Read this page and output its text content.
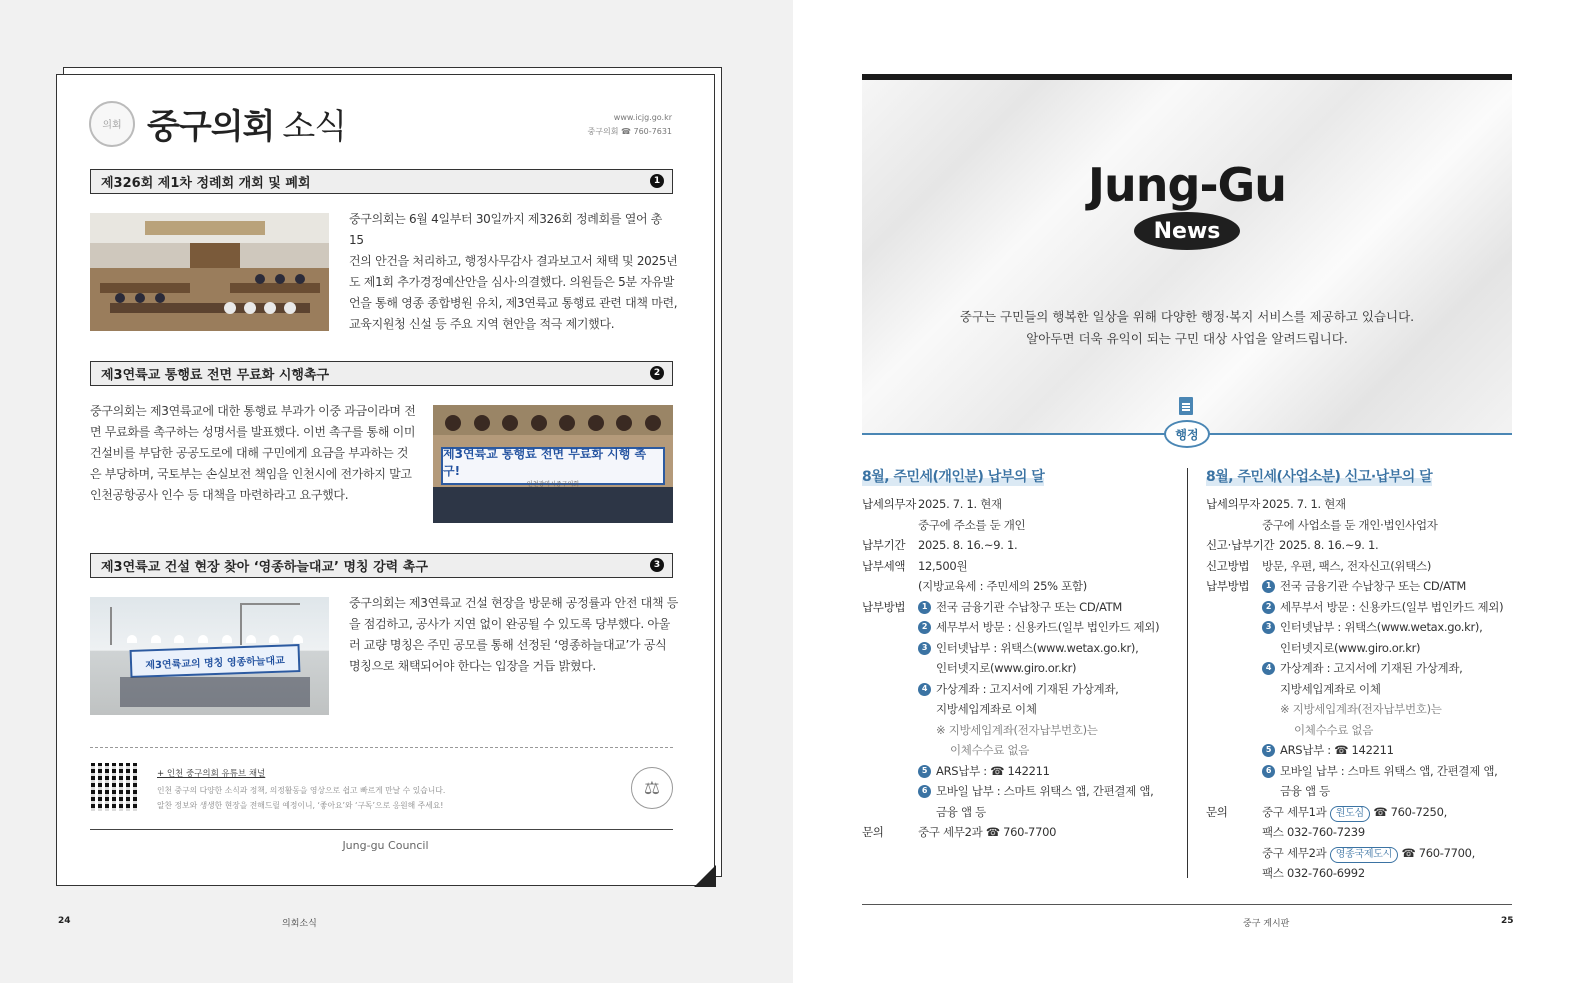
의회 중구의회 소식	www.icjg.go.kr
중구의회 ☎ 760-7631
제326회 제1차 정례회 개회 및 폐회	1
중구의회는 6월 4일부터 30일까지 제326회 정례회를 열어 총 15
건의 안건을 처리하고, 행정사무감사 결과보고서 채택 및 2025년
도 제1회 추가경정예산안을 심사·의결했다. 의원들은 5분 자유발
언을 통해 영종 종합병원 유치, 제3연륙교 통행료 관련 대책 마련,
교육지원청 신설 등 주요 지역 현안을 적극 제기했다.
제3연륙교 통행료 전면 무료화 시행촉구	2
중구의회는 제3연륙교에 대한 통행료 부과가 이중 과금이라며 전
면 무료화를 촉구하는 성명서를 발표했다. 이번 촉구를 통해 이미
건설비를 부담한 공공도로에 대해 구민에게 요금을 부과하는 것
은 부당하며, 국토부는 손실보전 책임을 인천시에 전가하지 말고
인천공항공사 인수 등 대책을 마련하라고 요구했다.
제3연륙교 통행료 전면 무료화 시행 촉구!
인천광역시중구의회
제3연륙교 건설 현장 찾아 ‘영종하늘대교’ 명칭 강력 촉구	3
제3연륙교의 명칭 영종하늘대교
중구의회는 제3연륙교 건설 현장을 방문해 공정률과 안전 대책 등
을 점검하고, 공사가 지연 없이 완공될 수 있도록 당부했다. 아울
러 교량 명칭은 주민 공모를 통해 선정된 ‘영종하늘대교’가 공식
명칭으로 채택되어야 한다는 입장을 거듭 밝혔다.
+ 인천 중구의회 유튜브 채널
인천 중구의 다양한 소식과 정책, 의정활동을 영상으로 쉽고 빠르게 만날 수 있습니다.
알찬 정보와 생생한 현장을 전해드릴 예정이니, ‘좋아요’와 ‘구독’으로 응원해 주세요!
⚖
Jung-gu Council
24	의회소식
Jung-Gu
News
중구는 구민들의 행복한 일상을 위해 다양한 행정·복지 서비스를 제공하고 있습니다.
알아두면 더욱 유익이 되는 구민 대상 사업을 알려드립니다.
행정
8월, 주민세(개인분) 납부의 달
납세의무자 2025. 7. 1. 현재
중구에 주소를 둔 개인
납부기간	2025. 8. 16.~9. 1.
납부세액	12,500원
(지방교육세 : 주민세의 25% 포함)
납부방법	1 전국 금융기관 수납창구 또는 CD/ATM
2 세무부서 방문 : 신용카드(일부 법인카드 제외)
3 인터넷납부 : 위택스(www.wetax.go.kr),
인터넷지로(www.giro.or.kr)
4 가상계좌 : 고지서에 기재된 가상계좌,
지방세입계좌로 이체
※ 지방세입계좌(전자납부번호)는
이체수수료 없음
5 ARS납부 : ☎ 142211
6 모바일 납부 : 스마트 위택스 앱, 간편결제 앱,
금융 앱 등
문의	중구 세무2과 ☎ 760-7700
8월, 주민세(사업소분) 신고·납부의 달
납세의무자 2025. 7. 1. 현재
중구에 사업소를 둔 개인·법인사업자
신고·납부기간 2025. 8. 16.~9. 1.
신고방법	방문, 우편, 팩스, 전자신고(위택스)
납부방법	1 전국 금융기관 수납창구 또는 CD/ATM
2 세무부서 방문 : 신용카드(일부 법인카드 제외)
3 인터넷납부 : 위택스(www.wetax.go.kr),
인터넷지로(www.giro.or.kr)
4 가상계좌 : 고지서에 기재된 가상계좌,
지방세입계좌로 이체
※ 지방세입계좌(전자납부번호)는
이체수수료 없음
5 ARS납부 : ☎ 142211
6 모바일 납부 : 스마트 위택스 앱, 간편결제 앱,
금융 앱 등
문의	중구 세무1과 원도심 ☎ 760-7250,
팩스 032-760-7239
중구 세무2과 영종국제도시 ☎ 760-7700,
팩스 032-760-6992
중구 게시판	25
